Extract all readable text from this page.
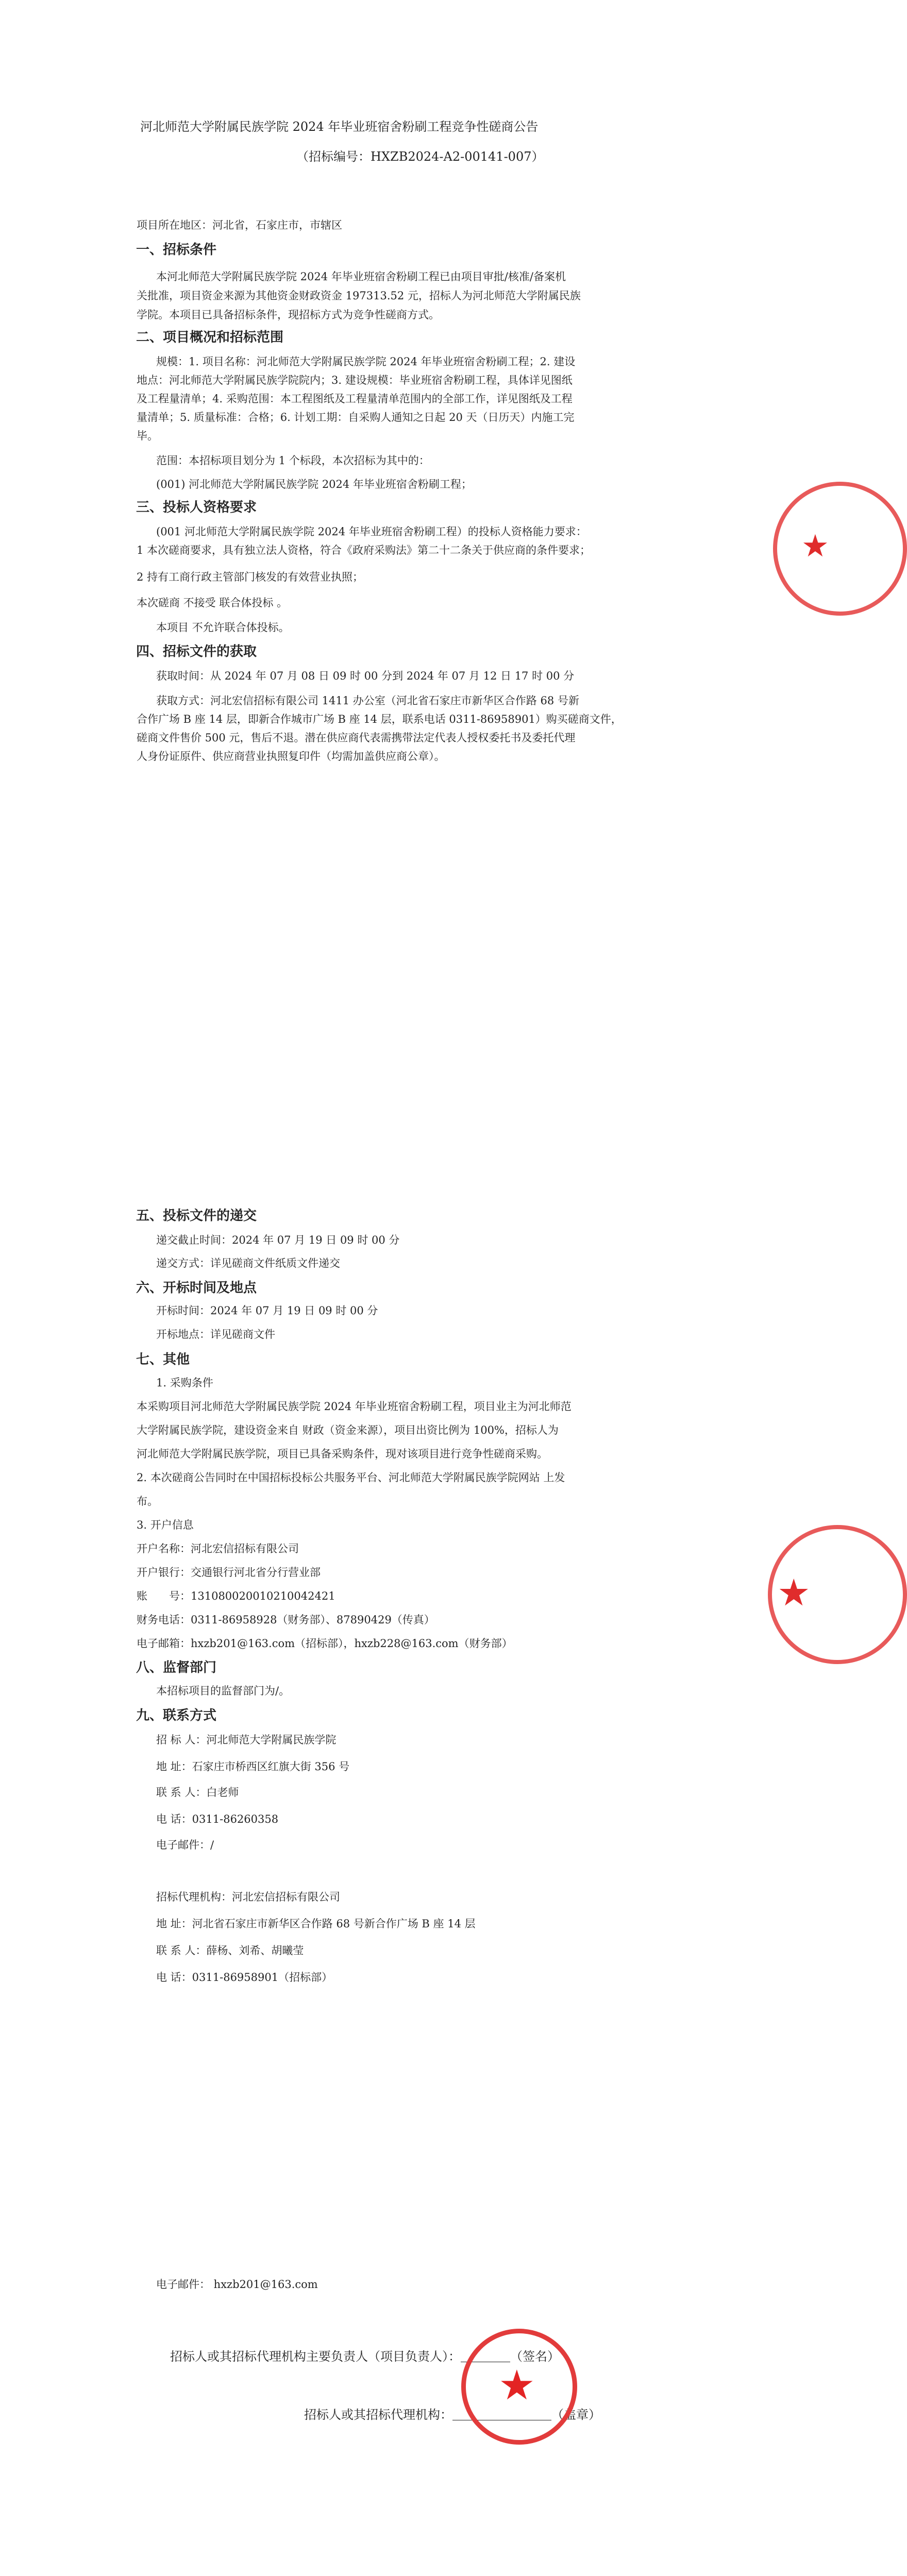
河北师范大学附属民族学院 2024 年毕业班宿舍粉刷工程竞争性磋商公告
（招标编号：HXZB2024-A2-00141-007）
项目所在地区：河北省，石家庄市，市辖区
一、招标条件
本河北师范大学附属民族学院 2024 年毕业班宿舍粉刷工程已由项目审批/核准/备案机
关批准，项目资金来源为其他资金财政资金 197313.52 元，招标人为河北师范大学附属民族
学院。本项目已具备招标条件，现招标方式为竞争性磋商方式。
二、项目概况和招标范围
规模：1. 项目名称：河北师范大学附属民族学院 2024 年毕业班宿舍粉刷工程；2. 建设
地点：河北师范大学附属民族学院院内；3. 建设规模：毕业班宿舍粉刷工程，具体详见图纸
及工程量清单；4. 采购范围：本工程图纸及工程量清单范围内的全部工作，详见图纸及工程
量清单；5. 质量标准：合格；6. 计划工期：自采购人通知之日起 20 天（日历天）内施工完
毕。
范围：本招标项目划分为 1 个标段，本次招标为其中的：
(001) 河北师范大学附属民族学院 2024 年毕业班宿舍粉刷工程；
三、投标人资格要求
(001 河北师范大学附属民族学院 2024 年毕业班宿舍粉刷工程）的投标人资格能力要求：
1 本次磋商要求，具有独立法人资格，符合《政府采购法》第二十二条关于供应商的条件要求；
2 持有工商行政主管部门核发的有效营业执照；
本次磋商 不接受 联合体投标 。
本项目 不允许联合体投标。
四、招标文件的获取
获取时间：从 2024 年 07 月 08 日 09 时 00 分到 2024 年 07 月 12 日 17 时 00 分
获取方式：河北宏信招标有限公司 1411 办公室（河北省石家庄市新华区合作路 68 号新
合作广场 B 座 14 层，即新合作城市广场 B 座 14 层，联系电话 0311-86958901）购买磋商文件，
磋商文件售价 500 元，售后不退。潜在供应商代表需携带法定代表人授权委托书及委托代理
人身份证原件、供应商营业执照复印件（均需加盖供应商公章）。
五、投标文件的递交
递交截止时间：2024 年 07 月 19 日 09 时 00 分
递交方式：详见磋商文件纸质文件递交
六、开标时间及地点
开标时间：2024 年 07 月 19 日 09 时 00 分
开标地点：详见磋商文件
七、其他
1. 采购条件
本采购项目河北师范大学附属民族学院 2024 年毕业班宿舍粉刷工程，项目业主为河北师范
大学附属民族学院，建设资金来自 财政（资金来源），项目出资比例为 100%，招标人为
河北师范大学附属民族学院，项目已具备采购条件，现对该项目进行竞争性磋商采购。
2. 本次磋商公告同时在中国招标投标公共服务平台、河北师范大学附属民族学院网站 上发
布。
3. 开户信息
开户名称：河北宏信招标有限公司
开户银行：交通银行河北省分行营业部
账　　号：131080020010210042421
财务电话：0311-86958928（财务部）、87890429（传真）
电子邮箱：hxzb201@163.com（招标部），hxzb228@163.com（财务部）
八、监督部门
本招标项目的监督部门为/。
九、联系方式
招 标 人：河北师范大学附属民族学院
地 址：石家庄市桥西区红旗大街 356 号
联 系 人：白老师
电 话：0311-86260358
电子邮件：/
招标代理机构：河北宏信招标有限公司
地 址：河北省石家庄市新华区合作路 68 号新合作广场 B 座 14 层
联 系 人：薛杨、刘希、胡曦莹
电 话：0311-86958901（招标部）
电子邮件： hxzb201@163.com
招标人或其招标代理机构主要负责人（项目负责人）：＿＿＿＿（签名）
招标人或其招标代理机构：＿＿＿＿＿＿＿＿（盖章）
★
★
★
